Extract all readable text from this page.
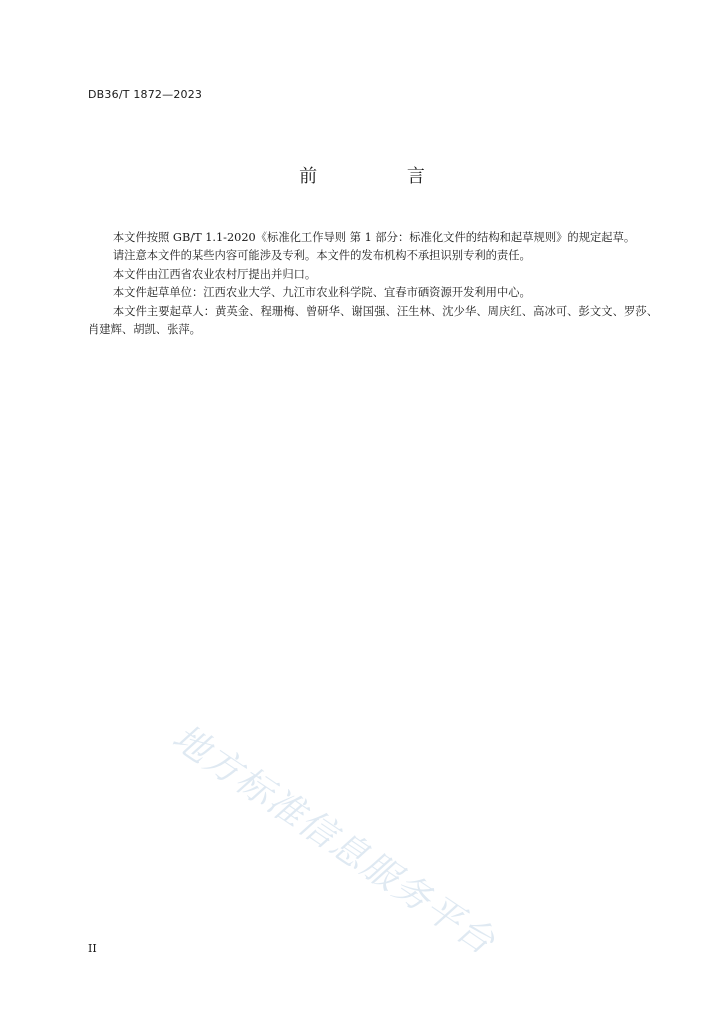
DB36/T 1872—2023
前 言

本文件按照 GB/T 1.1-2020《标准化工作导则 第 1 部分：标准化文件的结构和起草规则》的规定起草。

请注意本文件的某些内容可能涉及专利。本文件的发布机构不承担识别专利的责任。

本文件由江西省农业农村厅提出并归口。

本文件起草单位：江西农业大学、九江市农业科学院、宜春市硒资源开发利用中心。

本文件主要起草人：黄英金、程珊梅、曾研华、谢国强、汪生林、沈少华、周庆红、高冰可、彭文文、罗莎、肖建辉、胡凯、张萍。

地方标准信息服务平台
II
